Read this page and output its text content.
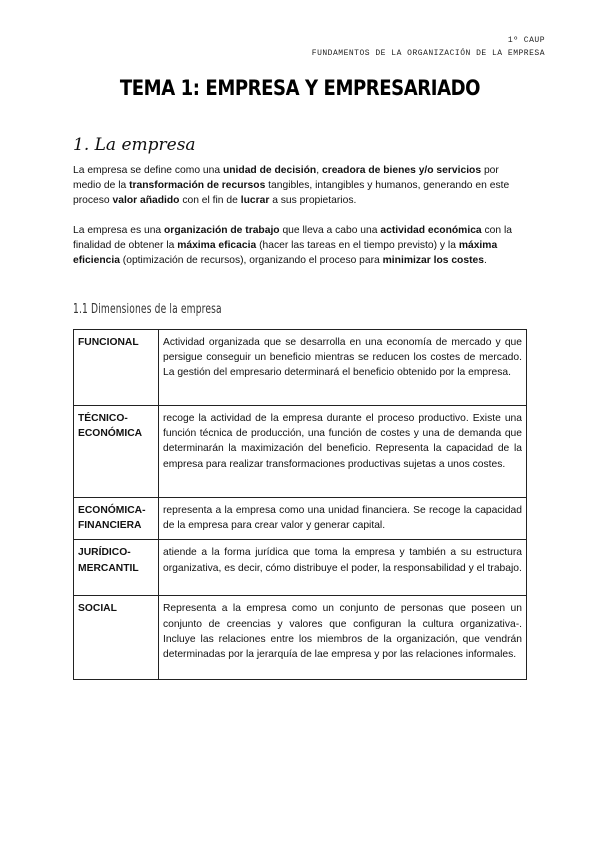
1º CAUP
FUNDAMENTOS DE LA ORGANIZACIÓN DE LA EMPRESA
TEMA 1: EMPRESA Y EMPRESARIADO
1. La empresa
La empresa se define como una unidad de decisión, creadora de bienes y/o servicios por medio de la transformación de recursos tangibles, intangibles y humanos, generando en este proceso valor añadido con el fin de lucrar a sus propietarios.
La empresa es una organización de trabajo que lleva a cabo una actividad económica con la finalidad de obtener la máxima eficacia (hacer las tareas en el tiempo previsto) y la máxima eficiencia (optimización de recursos), organizando el proceso para minimizar los costes.
1.1 Dimensiones de la empresa
FUNCIONAL	Actividad organizada que se desarrolla en una economía de mercado y que persigue conseguir un beneficio mientras se reducen los costes de mercado. La gestión del empresario determinará el beneficio obtenido por la empresa.
TÉCNICO-ECONÓMICA	recoge la actividad de la empresa durante el proceso productivo. Existe una función técnica de producción, una función de costes y una de demanda que determinarán la maximización del beneficio. Representa la capacidad de la empresa para realizar transformaciones productivas sujetas a unos costes.
ECONÓMICA-FINANCIERA	representa a la empresa como una unidad financiera. Se recoge la capacidad de la empresa para crear valor y generar capital.
JURÍDICO-MERCANTIL	atiende a la forma jurídica que toma la empresa y también a su estructura organizativa, es decir, cómo distribuye el poder, la responsabilidad y el trabajo.
SOCIAL	Representa a la empresa como un conjunto de personas que poseen un conjunto de creencias y valores que configuran la cultura organizativa-. Incluye las relaciones entre los miembros de la organización, que vendrán determinadas por la jerarquía de lae empresa y por las relaciones informales.
